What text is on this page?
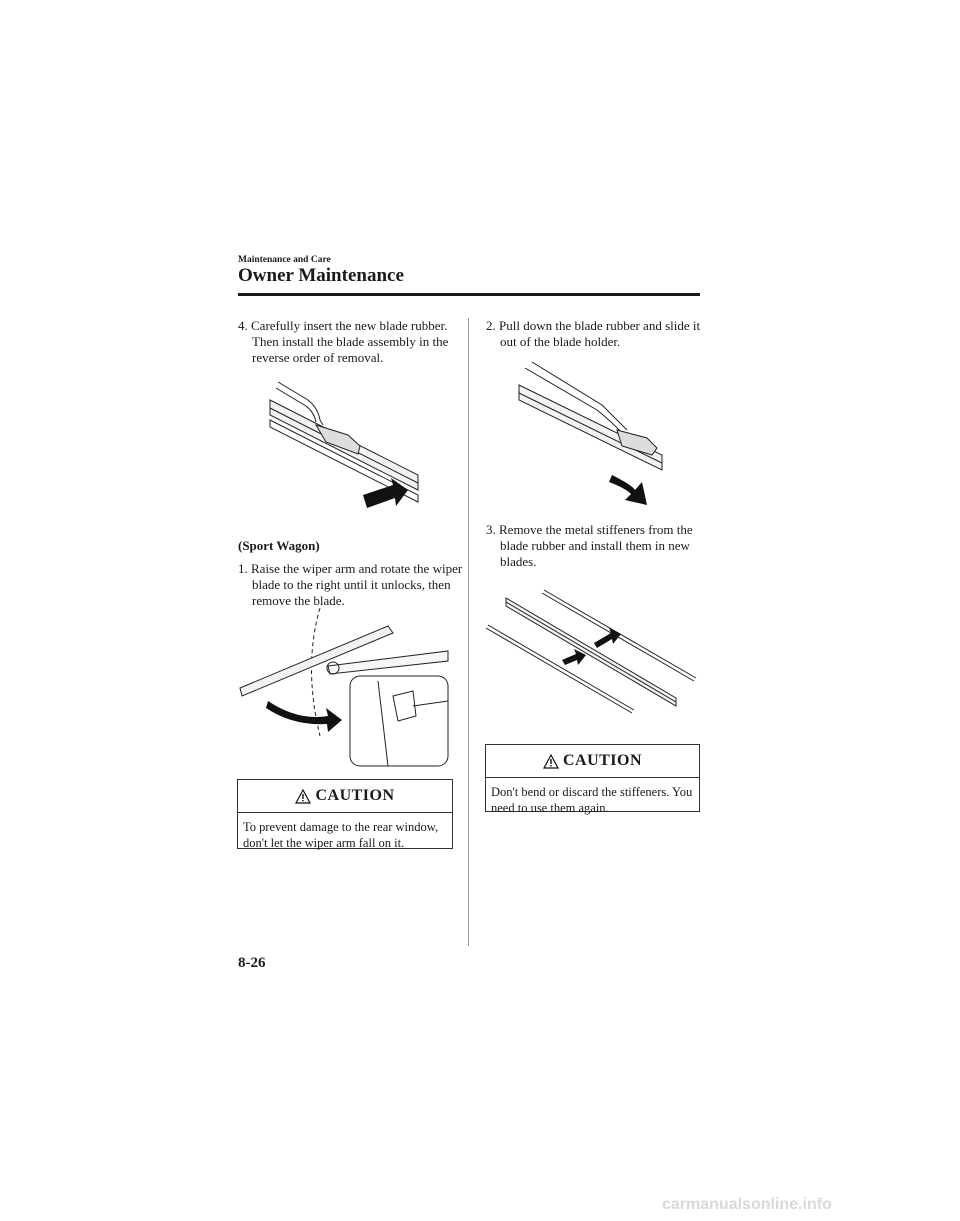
Maintenance and Care
Owner Maintenance
4. Carefully insert the new blade rubber. Then install the blade assembly in the reverse order of removal.
(Sport Wagon)
1. Raise the wiper arm and rotate the wiper blade to the right until it unlocks, then remove the blade.
CAUTION
To prevent damage to the rear window, don't let the wiper arm fall on it.
2. Pull down the blade rubber and slide it out of the blade holder.
3. Remove the metal stiffeners from the blade rubber and install them in new blades.
CAUTION
Don't bend or discard the stiffeners. You need to use them again.
8-26
carmanualsonline.info
